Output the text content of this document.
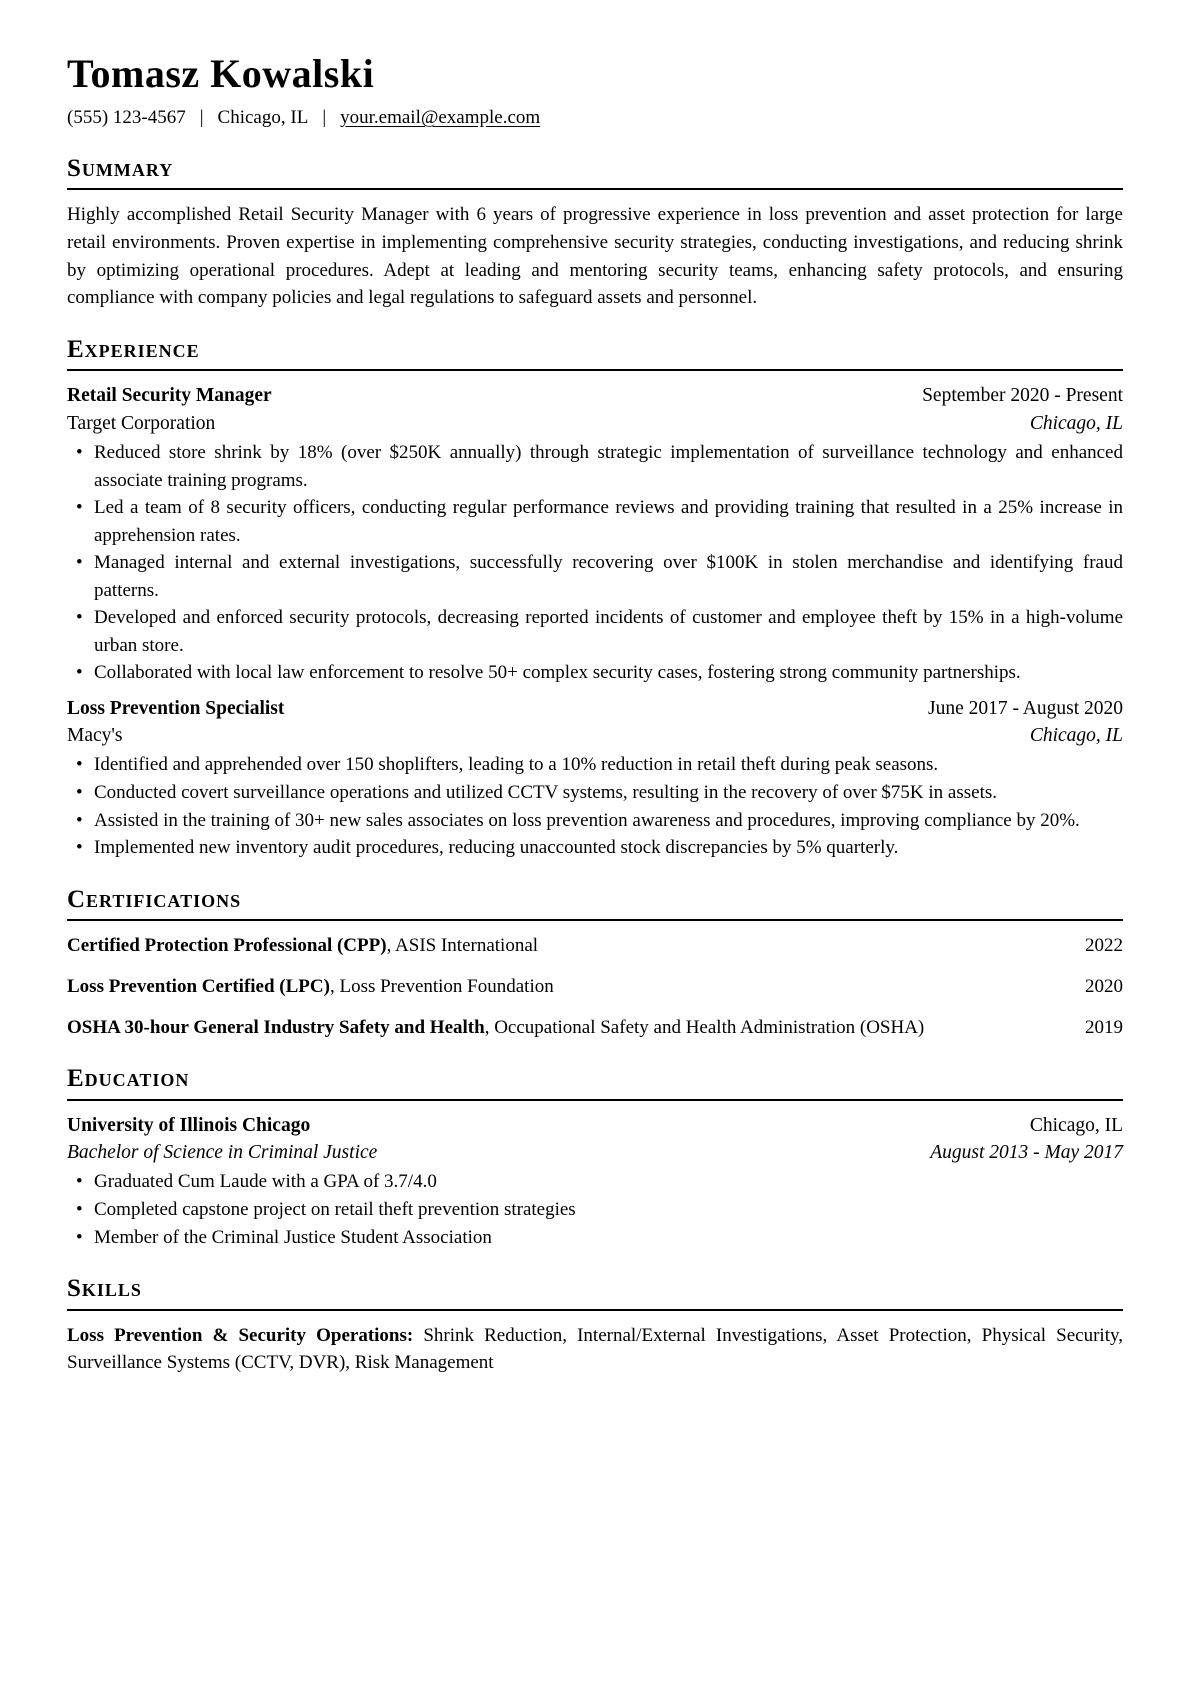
Tomasz Kowalski
(555) 123-4567 | Chicago, IL | your.email@example.com
Summary

Highly accomplished Retail Security Manager with 6 years of progressive experience in loss prevention and asset protection for large retail environments. Proven expertise in implementing comprehensive security strategies, conducting investigations, and reducing shrink by optimizing operational procedures. Adept at leading and mentoring security teams, enhancing safety protocols, and ensuring compliance with company policies and legal regulations to safeguard assets and personnel.

Experience
Retail Security Manager	September 2020 - Present
Target Corporation	Chicago, IL
• Reduced store shrink by 18% (over $250K annually) through strategic implementation of surveillance technology and enhanced associate training programs.
• Led a team of 8 security officers, conducting regular performance reviews and providing training that resulted in a 25% increase in apprehension rates.
• Managed internal and external investigations, successfully recovering over $100K in stolen merchandise and identifying fraud patterns.
• Developed and enforced security protocols, decreasing reported incidents of customer and employee theft by 15% in a high-volume urban store.
• Collaborated with local law enforcement to resolve 50+ complex security cases, fostering strong community partnerships.
Loss Prevention Specialist	June 2017 - August 2020
Macy's	Chicago, IL
• Identified and apprehended over 150 shoplifters, leading to a 10% reduction in retail theft during peak seasons.
• Conducted covert surveillance operations and utilized CCTV systems, resulting in the recovery of over $75K in assets.
• Assisted in the training of 30+ new sales associates on loss prevention awareness and procedures, improving compliance by 20%.
• Implemented new inventory audit procedures, reducing unaccounted stock discrepancies by 5% quarterly.
Certifications

Certified Protection Professional (CPP), ASIS International	2022

Loss Prevention Certified (LPC), Loss Prevention Foundation	2020

OSHA 30-hour General Industry Safety and Health, Occupational Safety and Health Administration (OSHA)	2019
Education
University of Illinois Chicago	Chicago, IL
Bachelor of Science in Criminal Justice	August 2013 - May 2017
• Graduated Cum Laude with a GPA of 3.7/4.0
• Completed capstone project on retail theft prevention strategies
• Member of the Criminal Justice Student Association
Skills

Loss Prevention & Security Operations: Shrink Reduction, Internal/External Investigations, Asset Protection, Physical Security, Surveillance Systems (CCTV, DVR), Risk Management
